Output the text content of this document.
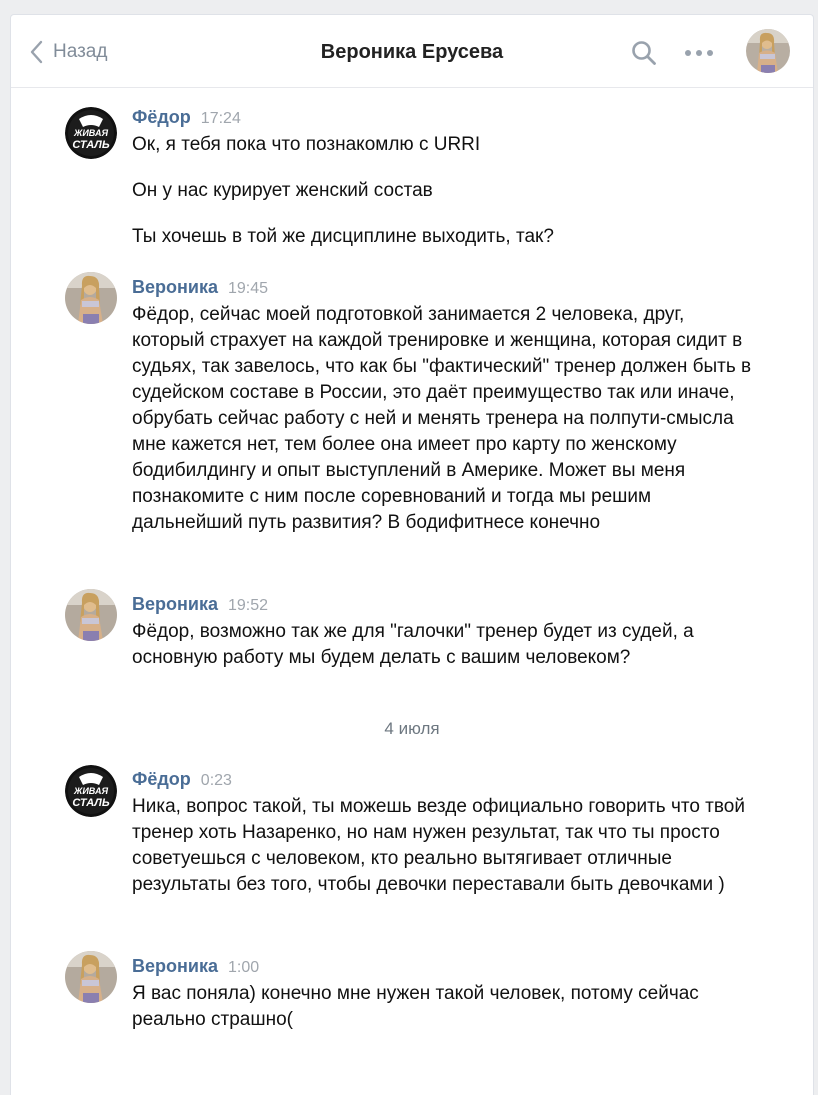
Назад	Вероника Ерусева
ЖИВАЯ
СТАЛЬ
Фёдор 17:24

Ок, я тебя пока что познакомлю с URRI

Он у нас курирует женский состав

Ты хочешь в той же дисциплине выходить, так?

Вероника 19:45

Фёдор, сейчас моей подготовкой занимается 2 человека, друг, который страхует на каждой тренировке и женщина, которая сидит в судьях, так завелось, что как бы "фактический" тренер должен быть в судейском составе в России, это даёт преимущество так или иначе, обрубать сейчас работу с ней и менять тренера на полпути-смысла мне кажется нет, тем более она имеет про карту по женскому бодибилдингу и опыт выступлений в Америке. Может вы меня познакомите с ним после соревнований и тогда мы решим дальнейший путь развития? В бодифитнесе конечно

Вероника 19:52

Фёдор, возможно так же для "галочки" тренер будет из судей, а основную работу мы будем делать с вашим человеком?

4 июля
ЖИВАЯ
СТАЛЬ
Фёдор 0:23

Ника, вопрос такой, ты можешь везде официально говорить что твой тренер хоть Назаренко, но нам нужен результат, так что ты просто советуешься с человеком, кто реально вытягивает отличные результаты без того, чтобы девочки переставали быть девочками )

Вероника 1:00

Я вас поняла) конечно мне нужен такой человек, потому сейчас реально страшно(
